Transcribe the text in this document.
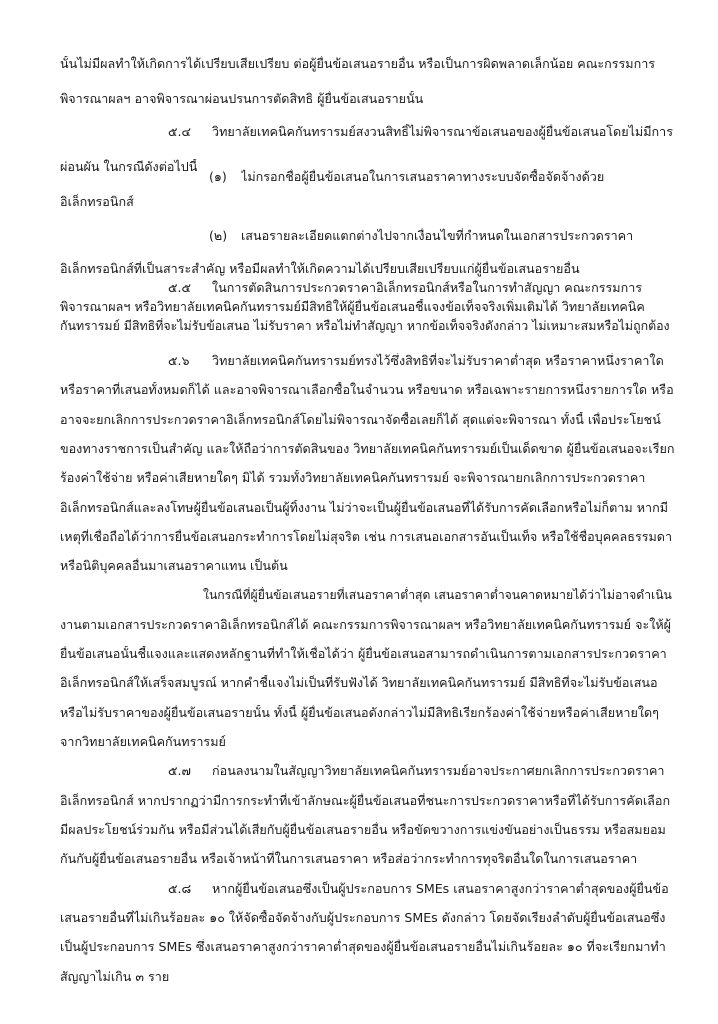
นั้นไม่มีผลทำให้เกิดการได้เปรียบเสียเปรียบ ต่อผู้ยื่นข้อเสนอรายอื่น หรือเป็นการผิดพลาดเล็กน้อย คณะกรรมการ
พิจารณาผลฯ อาจพิจารณาผ่อนปรนการตัดสิทธิ ผู้ยื่นข้อเสนอรายนั้น
๕.๔ วิทยาลัยเทคนิคกันทรารมย์สงวนสิทธิ์ไม่พิจารณาข้อเสนอของผู้ยื่นข้อเสนอโดยไม่มีการ
ผ่อนผัน ในกรณีดังต่อไปนี้
(๑) ไม่กรอกชื่อผู้ยื่นข้อเสนอในการเสนอราคาทางระบบจัดซื้อจัดจ้างด้วย
อิเล็กทรอนิกส์
(๒) เสนอรายละเอียดแตกต่างไปจากเงื่อนไขที่กำหนดในเอกสารประกวดราคา
อิเล็กทรอนิกส์ที่เป็นสาระสำคัญ หรือมีผลทำให้เกิดความได้เปรียบเสียเปรียบแก่ผู้ยื่นข้อเสนอรายอื่น
๕.๕ ในการตัดสินการประกวดราคาอิเล็กทรอนิกส์หรือในการทำสัญญา คณะกรรมการ
พิจารณาผลฯ หรือวิทยาลัยเทคนิคกันทรารมย์มีสิทธิให้ผู้ยื่นข้อเสนอชี้แจงข้อเท็จจริงเพิ่มเติมได้ วิทยาลัยเทคนิค
กันทรารมย์ มีสิทธิที่จะไม่รับข้อเสนอ ไม่รับราคา หรือไม่ทำสัญญา หากข้อเท็จจริงดังกล่าว ไม่เหมาะสมหรือไม่ถูกต้อง
๕.๖ วิทยาลัยเทคนิคกันทรารมย์ทรงไว้ซึ่งสิทธิที่จะไม่รับราคาต่ำสุด หรือราคาหนึ่งราคาใด
หรือราคาที่เสนอทั้งหมดก็ได้ และอาจพิจารณาเลือกซื้อในจำนวน หรือขนาด หรือเฉพาะรายการหนึ่งรายการใด หรือ
อาจจะยกเลิกการประกวดราคาอิเล็กทรอนิกส์โดยไม่พิจารณาจัดซื้อเลยก็ได้ สุดแต่จะพิจารณา ทั้งนี้ เพื่อประโยชน์
ของทางราชการเป็นสำคัญ และให้ถือว่าการตัดสินของ วิทยาลัยเทคนิคกันทรารมย์เป็นเด็ดขาด ผู้ยื่นข้อเสนอจะเรียก
ร้องค่าใช้จ่าย หรือค่าเสียหายใดๆ มิได้ รวมทั้งวิทยาลัยเทคนิคกันทรารมย์ จะพิจารณายกเลิกการประกวดราคา
อิเล็กทรอนิกส์และลงโทษผู้ยื่นข้อเสนอเป็นผู้ทิ้งงาน ไม่ว่าจะเป็นผู้ยื่นข้อเสนอที่ได้รับการคัดเลือกหรือไม่ก็ตาม หากมี
เหตุที่เชื่อถือได้ว่าการยื่นข้อเสนอกระทำการโดยไม่สุจริต เช่น การเสนอเอกสารอันเป็นเท็จ หรือใช้ชื่อบุคคลธรรมดา
หรือนิติบุคคลอื่นมาเสนอราคาแทน เป็นต้น
ในกรณีที่ผู้ยื่นข้อเสนอรายที่เสนอราคาต่ำสุด เสนอราคาต่ำจนคาดหมายได้ว่าไม่อาจดำเนิน
งานตามเอกสารประกวดราคาอิเล็กทรอนิกส์ได้ คณะกรรมการพิจารณาผลฯ หรือวิทยาลัยเทคนิคกันทรารมย์ จะให้ผู้
ยื่นข้อเสนอนั้นชี้แจงและแสดงหลักฐานที่ทำให้เชื่อได้ว่า ผู้ยื่นข้อเสนอสามารถดำเนินการตามเอกสารประกวดราคา
อิเล็กทรอนิกส์ให้เสร็จสมบูรณ์ หากคำชี้แจงไม่เป็นที่รับฟังได้ วิทยาลัยเทคนิคกันทรารมย์ มีสิทธิที่จะไม่รับข้อเสนอ
หรือไม่รับราคาของผู้ยื่นข้อเสนอรายนั้น ทั้งนี้ ผู้ยื่นข้อเสนอดังกล่าวไม่มีสิทธิเรียกร้องค่าใช้จ่ายหรือค่าเสียหายใดๆ
จากวิทยาลัยเทคนิคกันทรารมย์
๕.๗ ก่อนลงนามในสัญญาวิทยาลัยเทคนิคกันทรารมย์อาจประกาศยกเลิกการประกวดราคา
อิเล็กทรอนิกส์ หากปรากฏว่ามีการกระทำที่เข้าลักษณะผู้ยื่นข้อเสนอที่ชนะการประกวดราคาหรือที่ได้รับการคัดเลือก
มีผลประโยชน์ร่วมกัน หรือมีส่วนได้เสียกับผู้ยื่นข้อเสนอรายอื่น หรือขัดขวางการแข่งขันอย่างเป็นธรรม หรือสมยอม
กันกับผู้ยื่นข้อเสนอรายอื่น หรือเจ้าหน้าที่ในการเสนอราคา หรือส่อว่ากระทำการทุจริตอื่นใดในการเสนอราคา
๕.๘ หากผู้ยื่นข้อเสนอซึ่งเป็นผู้ประกอบการ SMEs เสนอราคาสูงกว่าราคาต่ำสุดของผู้ยื่นข้อ
เสนอรายอื่นที่ไม่เกินร้อยละ ๑๐ ให้จัดซื้อจัดจ้างกับผู้ประกอบการ SMEs ดังกล่าว โดยจัดเรียงลำดับผู้ยื่นข้อเสนอซึ่ง
เป็นผู้ประกอบการ SMEs ซึ่งเสนอราคาสูงกว่าราคาต่ำสุดของผู้ยื่นข้อเสนอรายอื่นไม่เกินร้อยละ ๑๐ ที่จะเรียกมาทำ
สัญญาไม่เกิน ๓ ราย
